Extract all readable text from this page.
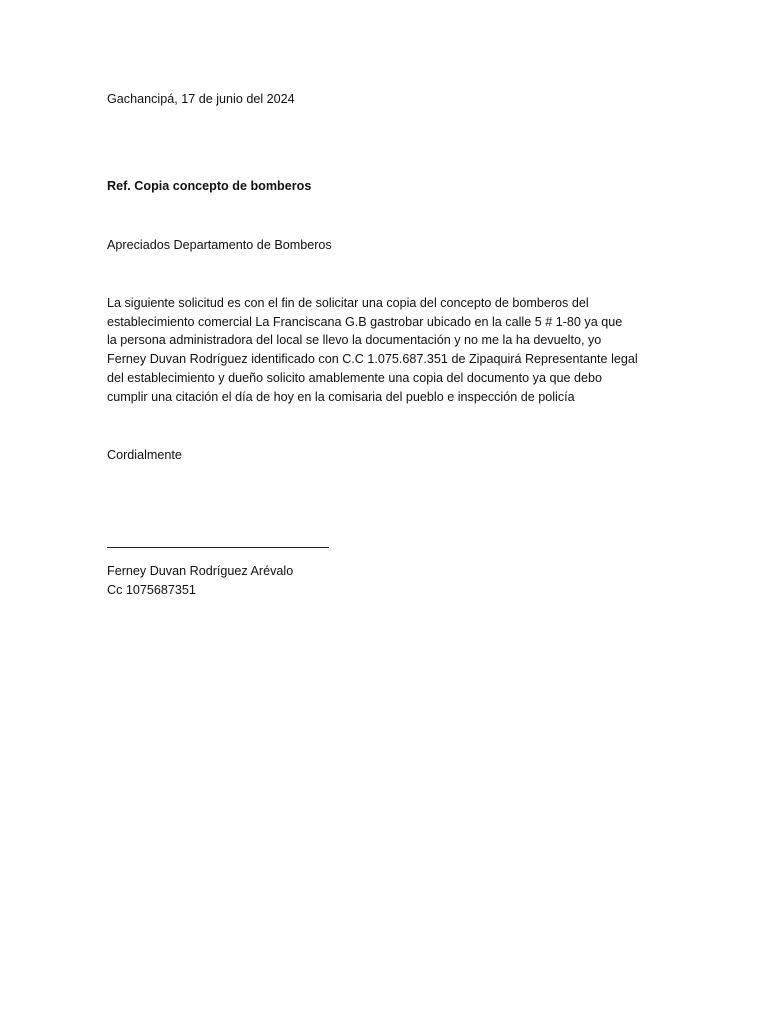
Gachancipá, 17 de junio del 2024
Ref. Copia concepto de bomberos
Apreciados Departamento de Bomberos
La siguiente solicitud es con el fin de solicitar una copia del concepto de bomberos del
establecimiento comercial La Franciscana G.B gastrobar ubicado en la calle 5 # 1-80 ya que
la persona administradora del local se llevo la documentación y no me la ha devuelto, yo
Ferney Duvan Rodríguez identificado con C.C 1.075.687.351 de Zipaquirá Representante legal
del establecimiento y dueño solicito amablemente una copia del documento ya que debo
cumplir una citación el día de hoy en la comisaria del pueblo e inspección de policía
Cordialmente
Ferney Duvan Rodríguez Arévalo
Cc 1075687351
